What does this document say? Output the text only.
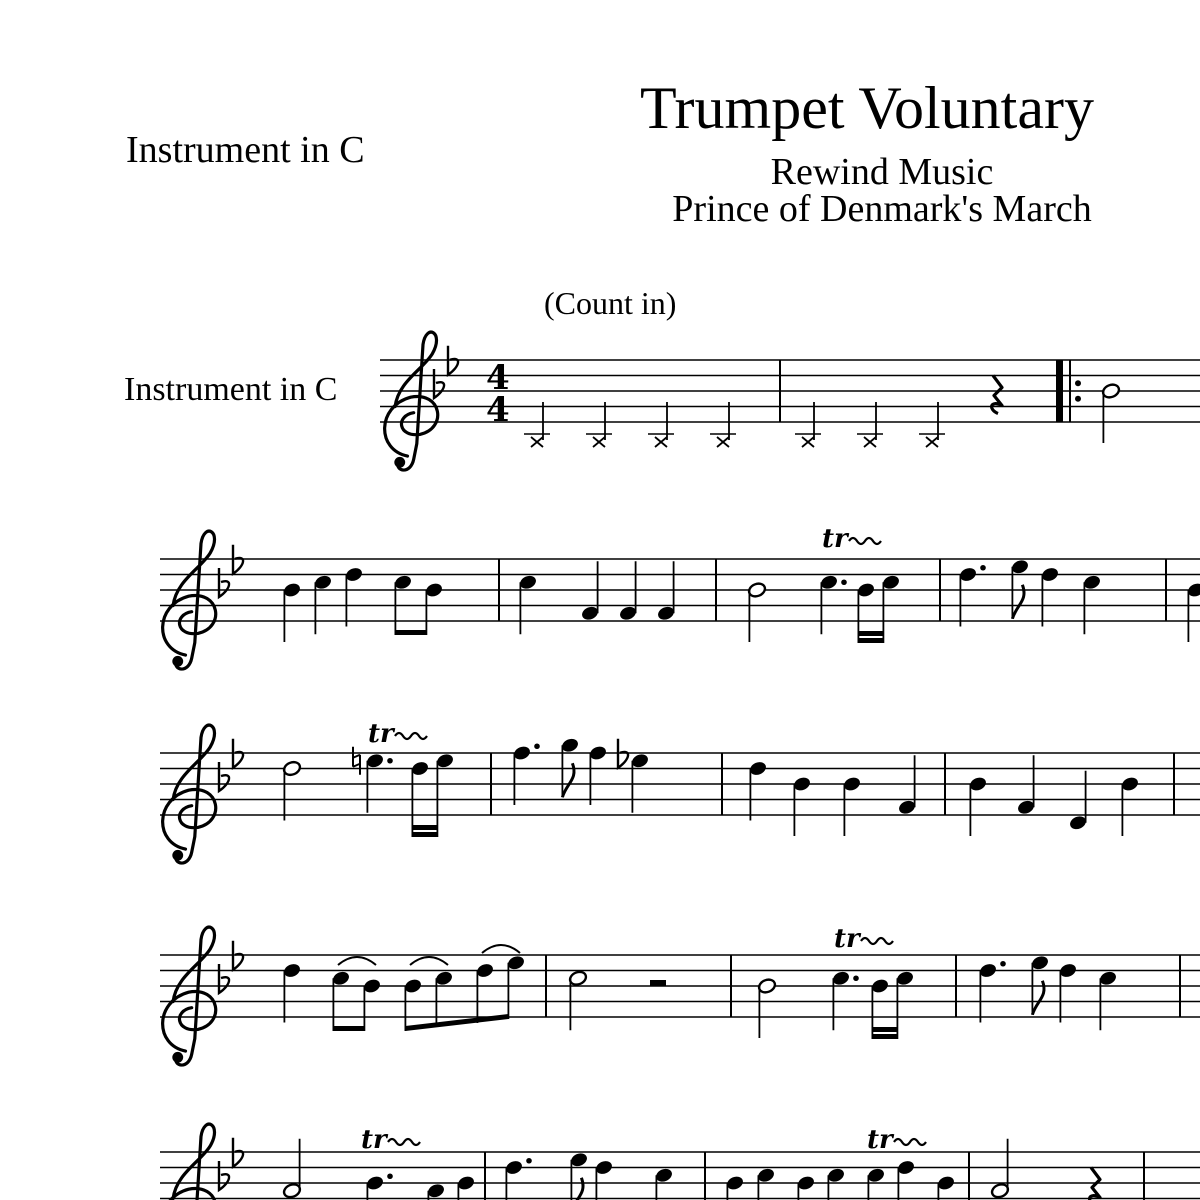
Instrument in C
Trumpet Voluntary
Rewind Music
Prince of Denmark's March
(Count in)
Instrument in C	4
4
tr
tr
tr
tr	tr
